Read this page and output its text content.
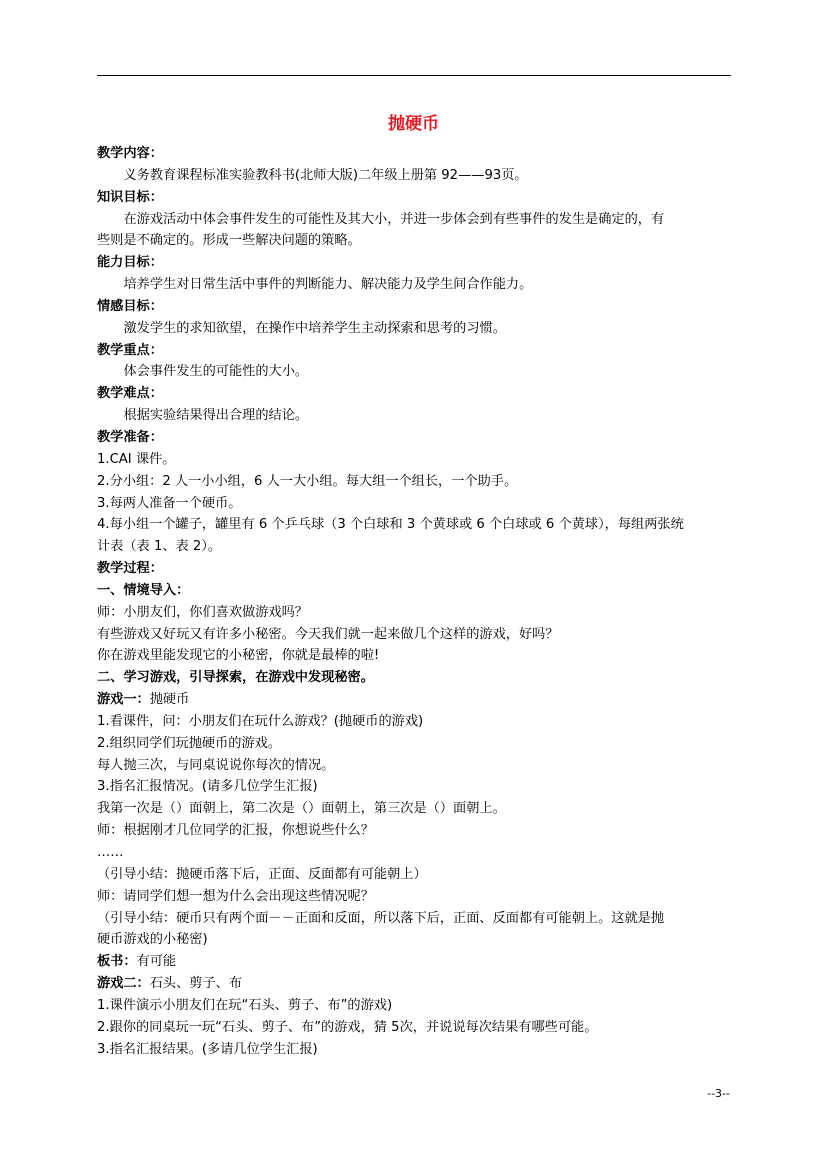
抛硬币

教学内容：

义务教育课程标准实验教科书(北师大版)二年级上册第 92——93页。

知识目标：

在游戏活动中体会事件发生的可能性及其大小，并进一步体会到有些事件的发生是确定的，有

些则是不确定的。形成一些解决问题的策略。

能力目标：

培养学生对日常生活中事件的判断能力、解决能力及学生间合作能力。

情感目标：

激发学生的求知欲望，在操作中培养学生主动探索和思考的习惯。

教学重点：

体会事件发生的可能性的大小。

教学难点：

根据实验结果得出合理的结论。

教学准备：

1.CAI 课件。

2.分小组：2 人一小小组，6 人一大小组。每大组一个组长，一个助手。

3.每两人准备一个硬币。

4.每小组一个罐子，罐里有 6 个乒乓球（3 个白球和 3 个黄球或 6 个白球或 6 个黄球），每组两张统

计表（表 1、表 2）。

教学过程：

一、情境导入：

师：小朋友们，你们喜欢做游戏吗？

有些游戏又好玩又有许多小秘密。今天我们就一起来做几个这样的游戏，好吗？

你在游戏里能发现它的小秘密，你就是最棒的啦!

二、学习游戏，引导探索，在游戏中发现秘密。

游戏一：抛硬币

1.看课件，问：小朋友们在玩什么游戏？(抛硬币的游戏)

2.组织同学们玩抛硬币的游戏。

每人抛三次，与同桌说说你每次的情况。

3.指名汇报情况。(请多几位学生汇报)

我第一次是（）面朝上，第二次是（）面朝上，第三次是（）面朝上。

师：根据刚才几位同学的汇报，你想说些什么？

……

（引导小结：抛硬币落下后，正面、反面都有可能朝上）

师：请同学们想一想为什么会出现这些情况呢？

（引导小结：硬币只有两个面－－正面和反面，所以落下后，正面、反面都有可能朝上。这就是抛

硬币游戏的小秘密)

板书：有可能

游戏二：石头、剪子、布

1.课件演示小朋友们在玩“石头、剪子、布”的游戏)

2.跟你的同桌玩一玩“石头、剪子、布”的游戏，猜 5次，并说说每次结果有哪些可能。

3.指名汇报结果。(多请几位学生汇报)

--3--
